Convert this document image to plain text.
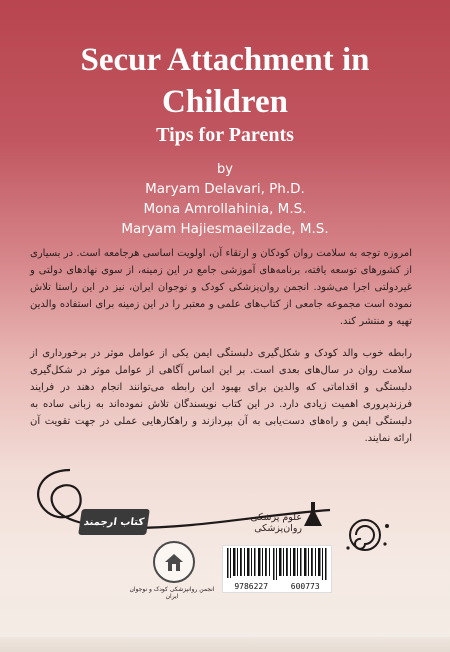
Secur Attachment in
Children
Tips for Parents
by
Maryam Delavari, Ph.D.
Mona Amrollahinia, M.S.
Maryam Hajiesmaeilzade, M.S.
امروزه توجه به سلامت روان کودکان و ارتقاء آن، اولویت اساسی هرجامعه است. در بسیاری از کشورهای توسعه یافته، برنامه‌های آموزشی جامع در این زمینه، از سوی نهادهای دولتی و غیردولتی اجرا می‌شود. انجمن روان‌پزشکی کودک و نوجوان ایران، نیز در این راستا تلاش نموده است مجموعه جامعی از کتاب‌های علمی و معتبر را در این زمینه برای استفاده والدین تهیه و منتشر کند.
رابطه خوب والد کودک و شکل‌گیری دلبستگی ایمن یکی از عوامل موثر در برخورداری از سلامت روان در سال‌های بعدی است. بر این اساس آگاهی از عوامل موثر در شکل‌گیری دلبستگی و اقداماتی که والدین برای بهبود این رابطه می‌توانند انجام دهند در فرایند فرزندپروری اهمیت زیادی دارد. در این کتاب نویسندگان تلاش نموده‌اند به زبانی ساده به دلبستگی ایمن و راه‌های دست‌یابی به آن بپردازند و راهکارهایی عملی در جهت تقویت آن ارائه نمایند.
کتاب ارجمند	علوم پزشکی ـ روان‌پزشکی
انجمن روانپزشکی کودک و نوجوان ایران
9786227	600773
